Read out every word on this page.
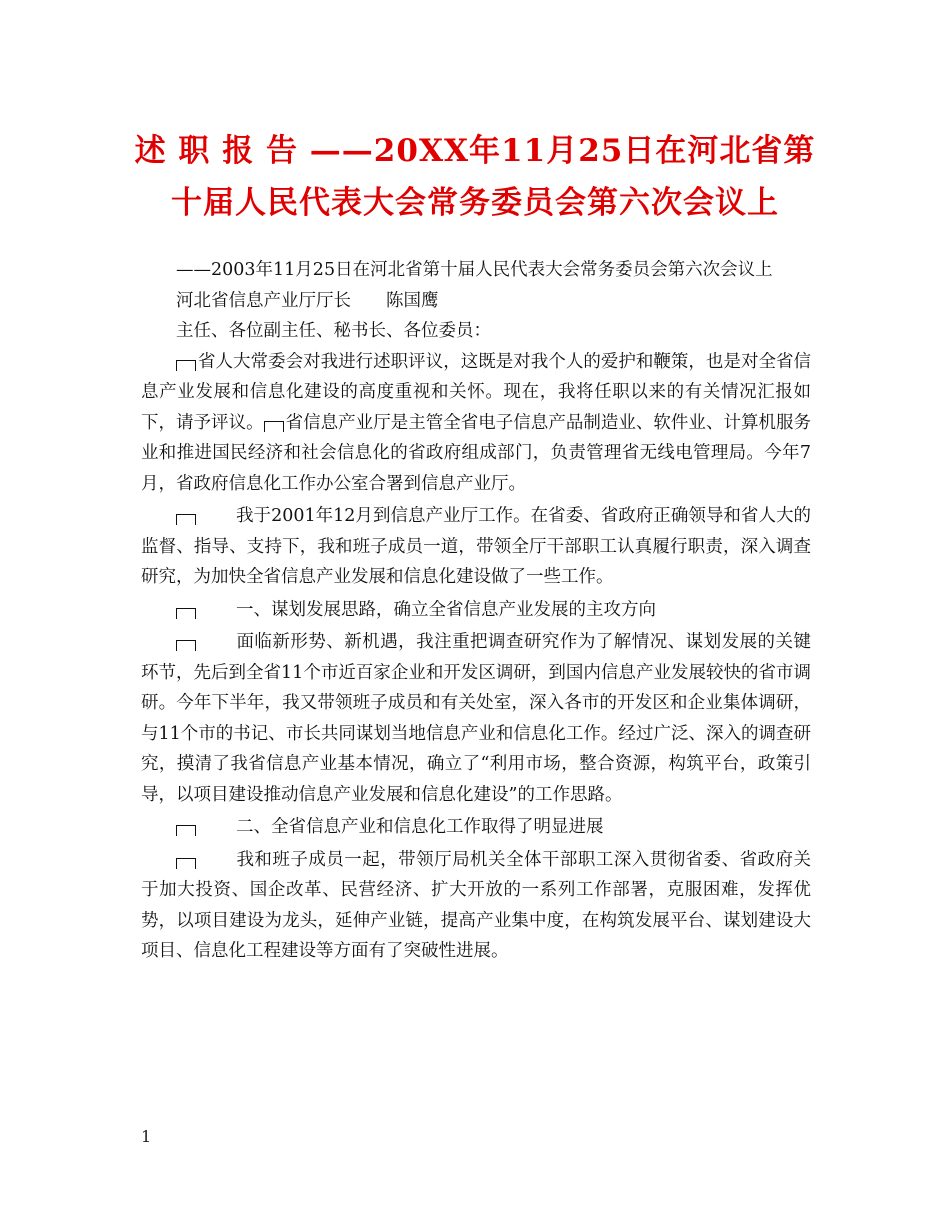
述 职 报 告 ——20XX年11月25日在河北省第十届人民代表大会常务委员会第六次会议上

——2003年11月25日在河北省第十届人民代表大会常务委员会第六次会议上

河北省信息产业厅厅长　　陈国鹰

主任、各位副主任、秘书长、各位委员：

省人大常委会对我进行述职评议，这既是对我个人的爱护和鞭策，也是对全省信息产业发展和信息化建设的高度重视和关怀。现在，我将任职以来的有关情况汇报如下，请予评议。 省信息产业厅是主管全省电子信息产品制造业、软件业、计算机服务业和推进国民经济和社会信息化的省政府组成部门，负责管理省无线电管理局。今年7月，省政府信息化工作办公室合署到信息产业厅。

我于2001年12月到信息产业厅工作。在省委、省政府正确领导和省人大的监督、指导、支持下，我和班子成员一道，带领全厅干部职工认真履行职责，深入调查研究，为加快全省信息产业发展和信息化建设做了一些工作。

一、谋划发展思路，确立全省信息产业发展的主攻方向

面临新形势、新机遇，我注重把调查研究作为了解情况、谋划发展的关键环节，先后到全省11个市近百家企业和开发区调研，到国内信息产业发展较快的省市调研。今年下半年，我又带领班子成员和有关处室，深入各市的开发区和企业集体调研，与11个市的书记、市长共同谋划当地信息产业和信息化工作。经过广泛、深入的调查研究，摸清了我省信息产业基本情况，确立了“利用市场，整合资源，构筑平台，政策引导，以项目建设推动信息产业发展和信息化建设”的工作思路。

二、全省信息产业和信息化工作取得了明显进展

我和班子成员一起，带领厅局机关全体干部职工深入贯彻省委、省政府关于加大投资、国企改革、民营经济、扩大开放的一系列工作部署，克服困难，发挥优势，以项目建设为龙头，延伸产业链，提高产业集中度，在构筑发展平台、谋划建设大项目、信息化工程建设等方面有了突破性进展。

1
